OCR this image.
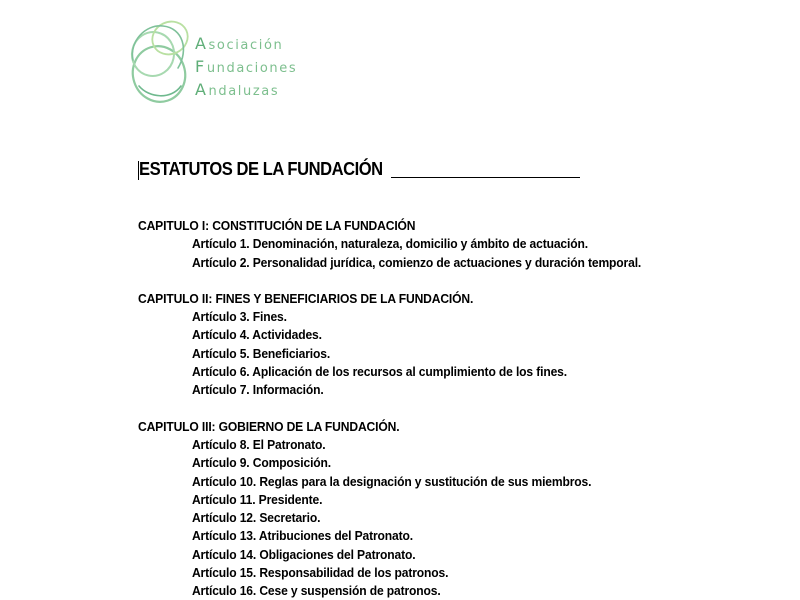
Asociación
Fundaciones
Andaluzas
ESTATUTOS DE LA FUNDACIÓN
CAPITULO I: CONSTITUCIÓN DE LA FUNDACIÓN
Artículo 1. Denominación, naturaleza, domicilio y ámbito de actuación.
Artículo 2. Personalidad jurídica, comienzo de actuaciones y duración temporal.
CAPITULO II: FINES Y BENEFICIARIOS DE LA FUNDACIÓN.
Artículo 3. Fines.
Artículo 4. Actividades.
Artículo 5. Beneficiarios.
Artículo 6. Aplicación de los recursos al cumplimiento de los fines.
Artículo 7. Información.
CAPITULO III: GOBIERNO DE LA FUNDACIÓN.
Artículo 8. El Patronato.
Artículo 9. Composición.
Artículo 10. Reglas para la designación y sustitución de sus miembros.
Artículo 11. Presidente.
Artículo 12. Secretario.
Artículo 13. Atribuciones del Patronato.
Artículo 14. Obligaciones del Patronato.
Artículo 15. Responsabilidad de los patronos.
Artículo 16. Cese y suspensión de patronos.
